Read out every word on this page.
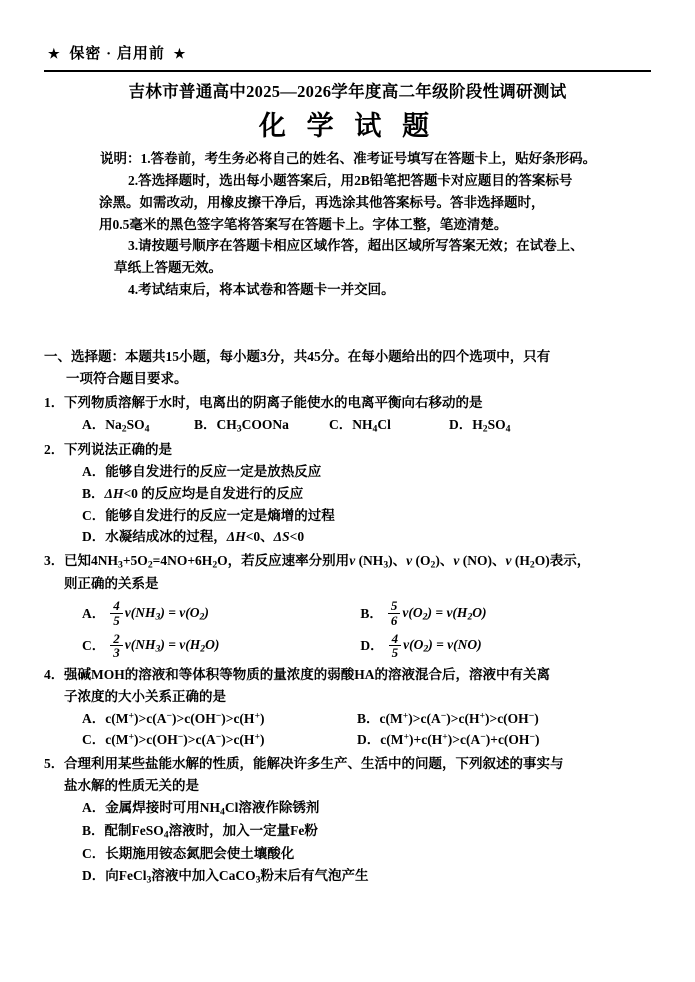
★ 保密 · 启用前 ★
吉林市普通高中2025—2026学年度高二年级阶段性调研测试
化 学 试 题
说明：1.答卷前，考生务必将自己的姓名、准考证号填写在答题卡上，贴好条形码。
2.答选择题时，选出每小题答案后，用2B铅笔把答题卡对应题目的答案标号
涂黑。如需改动，用橡皮擦干净后，再选涂其他答案标号。答非选择题时，
用0.5毫米的黑色签字笔将答案写在答题卡上。字体工整，笔迹清楚。
3.请按题号顺序在答题卡相应区域作答，超出区域所写答案无效；在试卷上、
草纸上答题无效。
4.考试结束后，将本试卷和答题卡一并交回。
一、选择题：本题共15小题，每小题3分，共45分。在每小题给出的四个选项中，只有
一项符合题目要求。
1．下列物质溶解于水时，电离出的阴离子能使水的电离平衡向右移动的是
A．$Na_2SO_4$	B．$CH_3COONa$	C．$NH_4Cl$	D．$H_2SO_4$
2．下列说法正确的是
A．能够自发进行的反应一定是放热反应
B．ΔH<0 的反应均是自发进行的反应
C．能够自发进行的反应一定是熵增的过程
D．水凝结成冰的过程，ΔH<0、ΔS<0
3．已知$4NH_3+5O_2=4NO+6H_2O$，若反应速率分别用v $(NH_3)$、v $(O_2)$、v (NO)、v $(H_2O)$表示，
则正确的关系是
A． $\frac{4}{5} v(NH_3) = v(O_2)$
	B． $\frac{5}{6} v(O_2) = v(H_2O)$
C． $\frac{2}{3} v(NH_3) = v(H_2O)$
	D． $\frac{4}{5} v(O_2) = v(NO)$
4．强碱MOH的溶液和等体积等物质的量浓度的弱酸HA的溶液混合后，溶液中有关离
子浓度的大小关系正确的是
A．c(M+)>c(A−)>c(OH−)>c(H+)	B．c(M+)>c(A−)>c(H+)>c(OH−)
C．c(M+)>c(OH−)>c(A−)>c(H+)	D．c(M+)+c(H+)>c(A−)+c(OH−)
5．合理利用某些盐能水解的性质，能解决许多生产、生活中的问题，下列叙述的事实与
盐水解的性质无关的是
A．金属焊接时可用$NH_4Cl$溶液作除锈剂
B．配制FeSO$_4$溶液时，加入一定量Fe粉
C．长期施用铵态氮肥会使土壤酸化
D．向FeCl$_3$溶液中加入CaCO$_3$粉末后有气泡产生
